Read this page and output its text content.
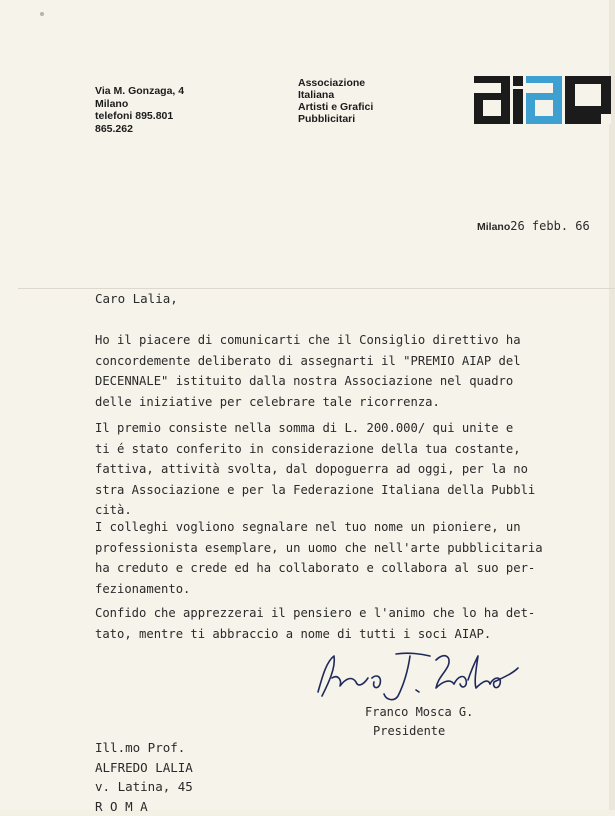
Via M. Gonzaga, 4
Milano
telefoni 895.801
865.262
Associazione
Italiana
Artisti e Grafici
Pubblicitari
Milano26 febb. 66
Caro Lalia,
Ho il piacere di comunicarti che il Consiglio direttivo ha
concordemente deliberato di assegnarti il "PREMIO AIAP del
DECENNALE" istituito dalla nostra Associazione nel quadro
delle iniziative per celebrare tale ricorrenza.
Il premio consiste nella somma di L. 200.000/ qui unite e
ti é stato conferito in considerazione della tua costante,
fattiva, attività svolta, dal dopoguerra ad oggi, per la no
stra Associazione e per la Federazione Italiana della Pubbli
cità.
I colleghi vogliono segnalare nel tuo nome un pioniere, un
professionista esemplare, un uomo che nell'arte pubblicitaria
ha creduto e crede ed ha collaborato e collabora al suo per-
fezionamento.
Confido che apprezzerai il pensiero e l'animo che lo ha det-
tato, mentre ti abbraccio a nome di tutti i soci AIAP.
Franco Mosca G.
Presidente
Ill.mo Prof.
ALFREDO LALIA
v. Latina, 45
R O M A
